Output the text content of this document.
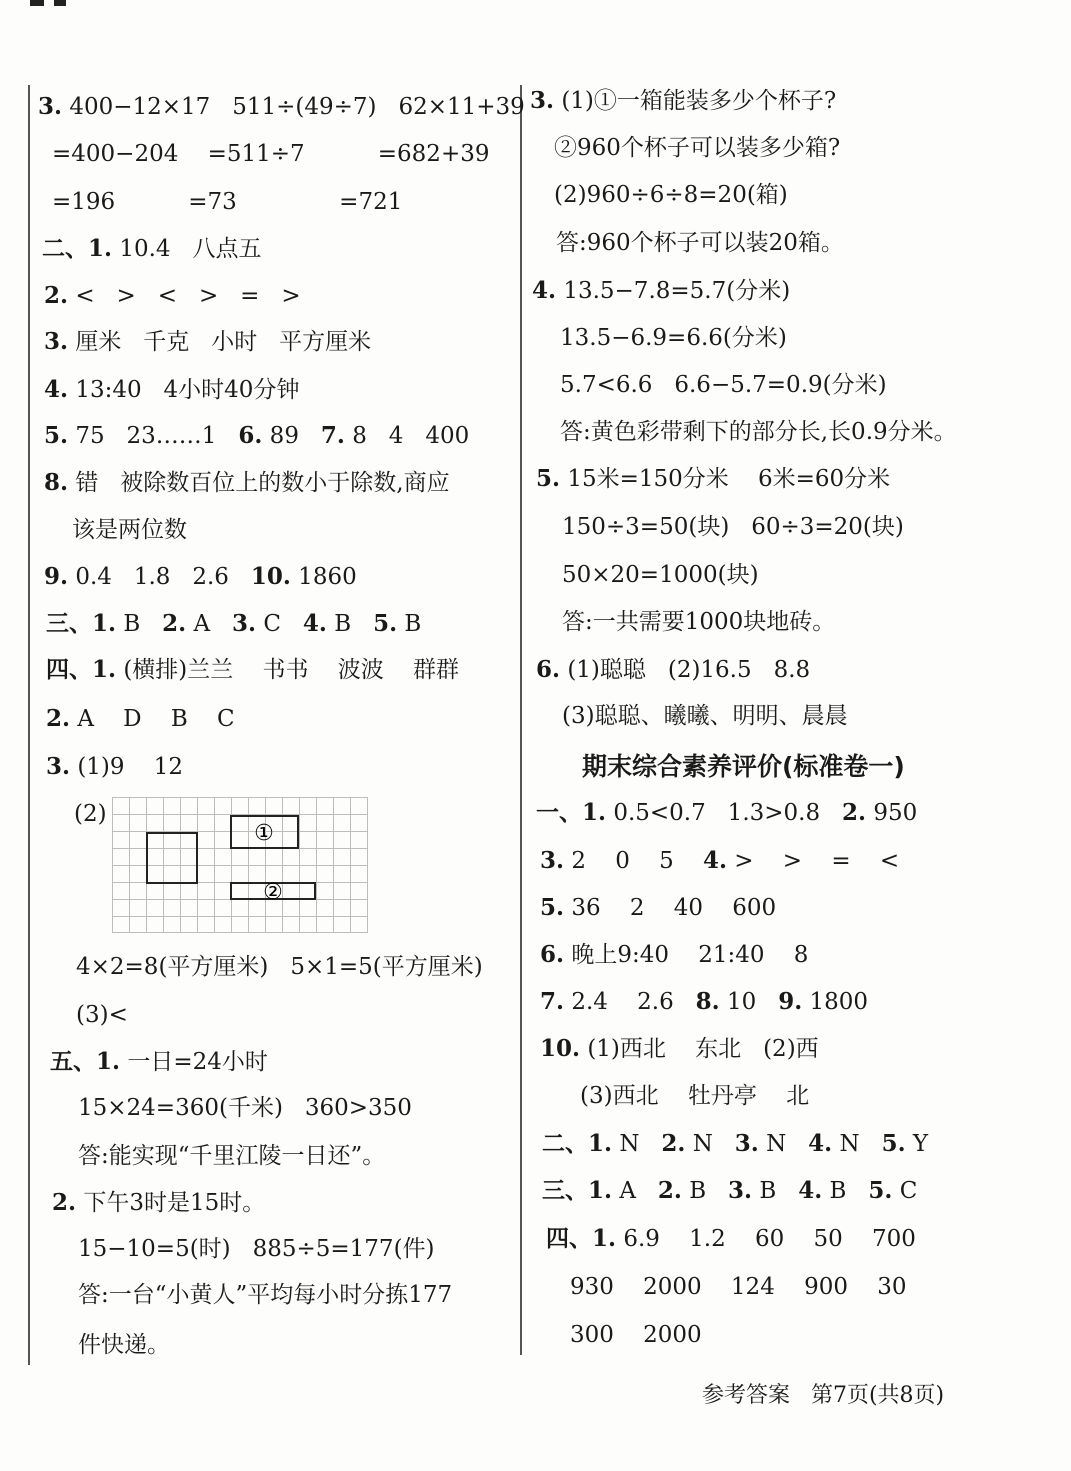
3. 400−12×17   511÷(49÷7)   62×11+39
=400−204    =511÷7          =682+39
=196          =73              =721
二、1. 10.4   八点五
2. <   >   <   >   =   >
3. 厘米   千克   小时   平方厘米
4. 13:40   4小时40分钟
5. 75   23……1   6. 89   7. 8   4   400
8. 错   被除数百位上的数小于除数,商应
该是两位数
9. 0.4   1.8   2.6   10. 1860
三、1. B   2. A   3. C   4. B   5. B
四、1. (横排)兰兰    书书    波波    群群
2. A    D    B    C
3. (1)9    12
(2)
①
②
4×2=8(平方厘米)   5×1=5(平方厘米)
(3)<
五、1. 一日=24小时
15×24=360(千米)   360>350
答:能实现“千里江陵一日还”。
2. 下午3时是15时。
15−10=5(时)   885÷5=177(件)
答:一台“小黄人”平均每小时分拣177
件快递。
3. (1)①一箱能装多少个杯子?
②960个杯子可以装多少箱?
(2)960÷6÷8=20(箱)
答:960个杯子可以装20箱。
4. 13.5−7.8=5.7(分米)
13.5−6.9=6.6(分米)
5.7<6.6   6.6−5.7=0.9(分米)
答:黄色彩带剩下的部分长,长0.9分米。
5. 15米=150分米    6米=60分米
150÷3=50(块)   60÷3=20(块)
50×20=1000(块)
答:一共需要1000块地砖。
6. (1)聪聪   (2)16.5   8.8
(3)聪聪、曦曦、明明、晨晨
期末综合素养评价(标准卷一)
一、1. 0.5<0.7   1.3>0.8   2. 950
3. 2    0    5    4. >    >    =    <
5. 36    2    40    600
6. 晚上9:40    21:40    8
7. 2.4    2.6   8. 10   9. 1800
10. (1)西北    东北   (2)西
(3)西北    牡丹亭    北
二、1. N   2. N   3. N   4. N   5. Y
三、1. A   2. B   3. B   4. B   5. C
四、1. 6.9    1.2    60    50    700
930    2000    124    900    30
300    2000
参考答案   第7页(共8页)
